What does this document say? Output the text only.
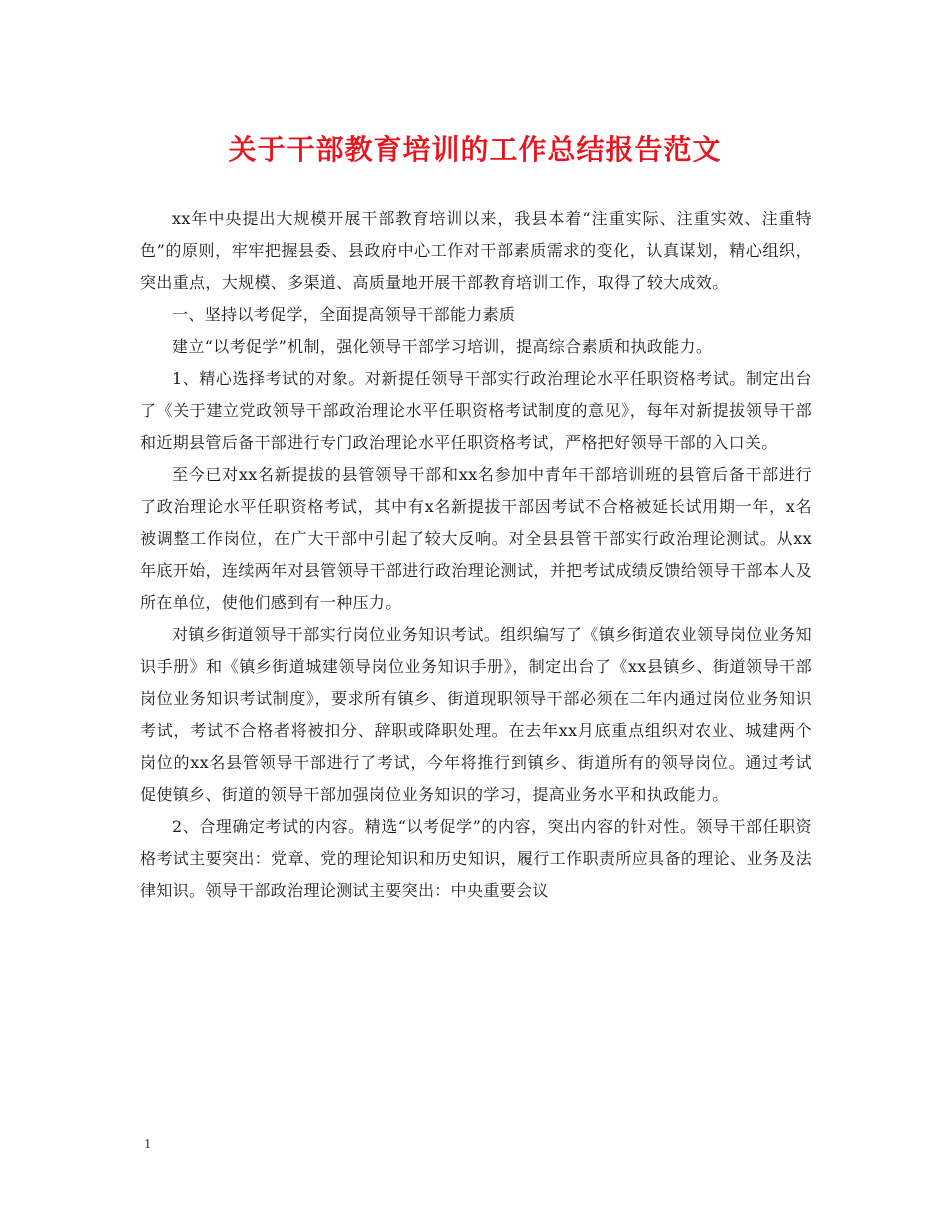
关于干部教育培训的工作总结报告范文

xx年中央提出大规模开展干部教育培训以来，我县本着“注重实际、注重实效、注重特色”的原则，牢牢把握县委、县政府中心工作对干部素质需求的变化，认真谋划，精心组织，突出重点，大规模、多渠道、高质量地开展干部教育培训工作，取得了较大成效。

一、坚持以考促学，全面提高领导干部能力素质

建立“以考促学”机制，强化领导干部学习培训，提高综合素质和执政能力。

1、精心选择考试的对象。对新提任领导干部实行政治理论水平任职资格考试。制定出台了《关于建立党政领导干部政治理论水平任职资格考试制度的意见》，每年对新提拔领导干部和近期县管后备干部进行专门政治理论水平任职资格考试，严格把好领导干部的入口关。

至今已对xx名新提拔的县管领导干部和xx名参加中青年干部培训班的县管后备干部进行了政治理论水平任职资格考试，其中有x名新提拔干部因考试不合格被延长试用期一年，x名被调整工作岗位，在广大干部中引起了较大反响。对全县县管干部实行政治理论测试。从xx年底开始，连续两年对县管领导干部进行政治理论测试，并把考试成绩反馈给领导干部本人及所在单位，使他们感到有一种压力。

对镇乡街道领导干部实行岗位业务知识考试。组织编写了《镇乡街道农业领导岗位业务知识手册》和《镇乡街道城建领导岗位业务知识手册》，制定出台了《xx县镇乡、街道领导干部岗位业务知识考试制度》，要求所有镇乡、街道现职领导干部必须在二年内通过岗位业务知识考试，考试不合格者将被扣分、辞职或降职处理。在去年xx月底重点组织对农业、城建两个岗位的xx名县管领导干部进行了考试，今年将推行到镇乡、街道所有的领导岗位。通过考试促使镇乡、街道的领导干部加强岗位业务知识的学习，提高业务水平和执政能力。

2、合理确定考试的内容。精选“以考促学”的内容，突出内容的针对性。领导干部任职资格考试主要突出：党章、党的理论知识和历史知识，履行工作职责所应具备的理论、业务及法律知识。领导干部政治理论测试主要突出：中央重要会议

1
